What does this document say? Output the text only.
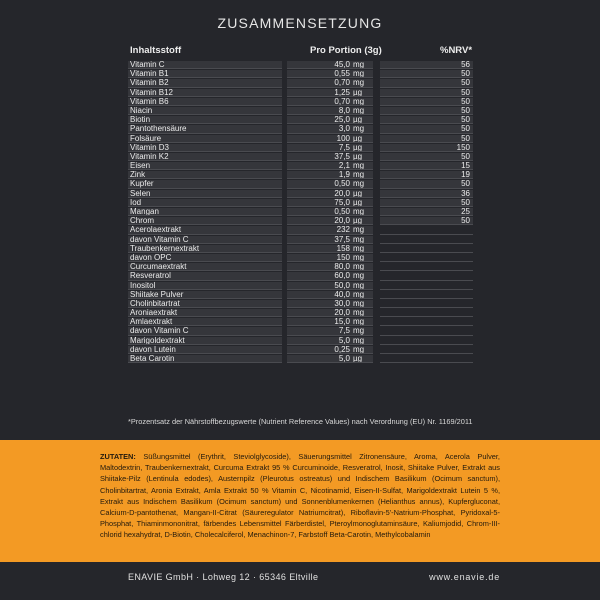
ZUSAMMENSETZUNG
Inhaltsstoff	Pro Portion (3g)	%NRV*
Vitamin C	45,0 mg	56
Vitamin B1	0,55 mg	50
Vitamin B2	0,70 mg	50
Vitamin B12	1,25 µg	50
Vitamin B6	0,70 mg	50
Niacin	8,0 mg	50
Biotin	25,0 µg	50
Pantothensäure	3,0 mg	50
Folsäure	100 µg	50
Vitamin D3	7,5 µg	150
Vitamin K2	37,5 µg	50
Eisen	2,1 mg	15
Zink	1,9 mg	19
Kupfer	0,50 mg	50
Selen	20,0 µg	36
Iod	75,0 µg	50
Mangan	0,50 mg	25
Chrom	20,0 µg	50
Acerolaextrakt	232 mg
davon Vitamin C	37,5 mg
Traubenkernextrakt	158 mg
davon OPC	150 mg
Curcumaextrakt	80,0 mg
Resveratrol	60,0 mg
Inositol	50,0 mg
Shiitake Pulver	40,0 mg
Cholinbitartrat	30,0 mg
Aroniaextrakt	20,0 mg
Amlaextrakt	15,0 mg
davon Vitamin C	7,5 mg
Marigoldextrakt	5,0 mg
davon Lutein	0,25 mg
Beta Carotin	5,0 µg
*Prozentsatz der Nährstoffbezugswerte (Nutrient Reference Values) nach Verordnung (EU) Nr. 1169/2011
ZUTATEN: Süßungsmittel (Erythrit, Steviolglycoside), Säuerungsmittel Zitronensäure, Aroma, Acerola Pulver, Maltodextrin, Traubenkernextrakt, Curcuma Extrakt 95 % Curcuminoide, Resveratrol, Inosit, Shiitake Pulver, Extrakt aus Shiitake-Pilz (Lentinula edodes), Austernpilz (Pleurotus ostreatus) und Indischem Basilikum (Ocimum sanctum), Cholinbitartrat, Aronia Extrakt, Amla Extrakt 50 % Vitamin C, Nicotinamid, Eisen-II-Sulfat, Marigoldextrakt Lutein 5 %, Extrakt aus Indischem Basilikum (Ocimum sanctum) und Sonnenblumenkernen (Helianthus annus), Kupfergluconat, Calcium-D-pantothenat, Mangan-II-Citrat (Säureregulator Natriumcitrat), Riboflavin-5'-Natrium-Phosphat, Pyridoxal-5-Phosphat, Thiaminmononitrat, färbendes Lebensmittel Färberdistel, Pteroylmonoglutaminsäure, Kaliumjodid, Chrom-III-chlorid hexahydrat, D-Biotin, Cholecalciferol, Menachinon-7, Farbstoff Beta-Carotin, Methylcobalamin
ENAVIE GmbH · Lohweg 12 · 65346 Eltville	www.enavie.de
